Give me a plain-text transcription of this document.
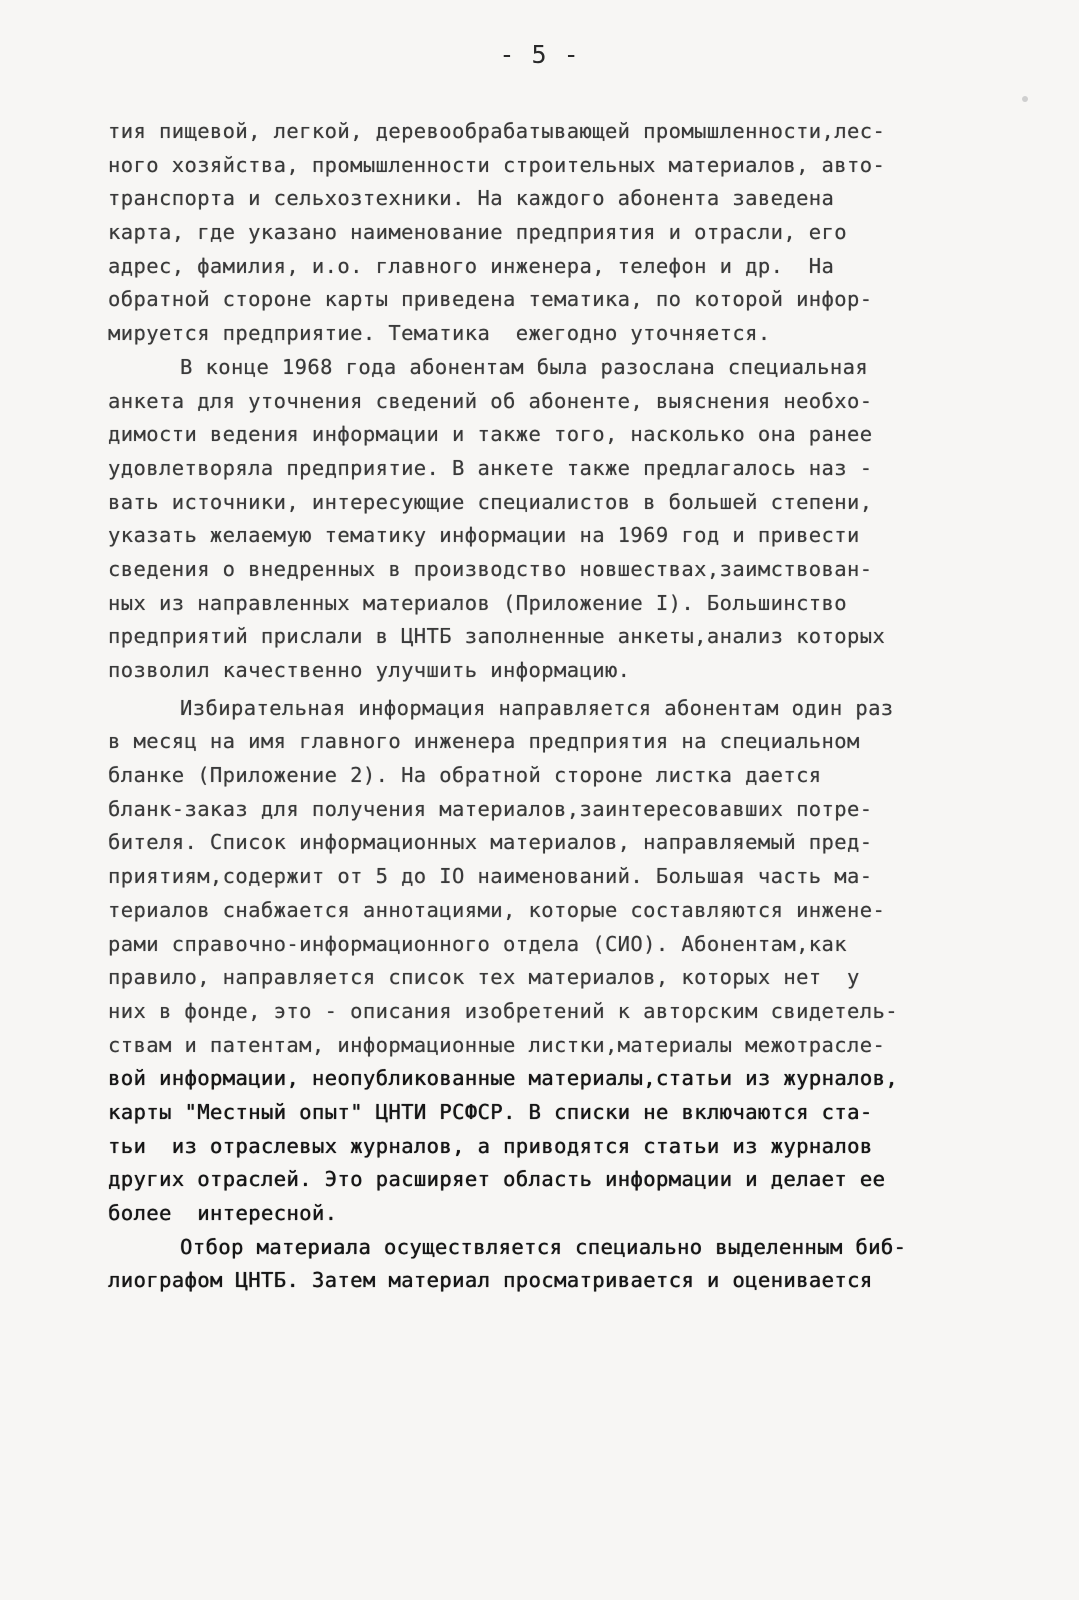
- 5 -
тия пищевой, легкой, деревообрабатывающей промышленности,лес-
ного хозяйства, промышленности строительных материалов, авто-
транспорта и сельхозтехники. На каждого абонента заведена
карта, где указано наименование предприятия и отрасли, его
адрес, фамилия, и.о. главного инженера, телефон и др.  На
обратной стороне карты приведена тематика, по которой инфор-
мируется предприятие. Тематика  ежегодно уточняется.
В конце 1968 года абонентам была разослана специальная
анкета для уточнения сведений об абоненте, выяснения необхо-
димости ведения информации и также того, насколько она ранее
удовлетворяла предприятие. В анкете также предлагалось наз -
вать источники, интересующие специалистов в большей степени,
указать желаемую тематику информации на 1969 год и привести
сведения о внедренных в производство новшествах,заимствован-
ных из направленных материалов (Приложение I). Большинство
предприятий прислали в ЦНТБ заполненные анкеты,анализ которых
позволил качественно улучшить информацию.
Избирательная информация направляется абонентам один раз
в месяц на имя главного инженера предприятия на специальном
бланке (Приложение 2). На обратной стороне листка дается
бланк-заказ для получения материалов,заинтересовавших потре-
бителя. Список информационных материалов, направляемый пред-
приятиям,содержит от 5 до IO наименований. Большая часть ма-
териалов снабжается аннотациями, которые составляются инжене-
рами справочно-информационного отдела (СИО). Абонентам,как
правило, направляется список тех материалов, которых нет  у
них в фонде, это - описания изобретений к авторским свидетель-
ствам и патентам, информационные листки,материалы межотрасле-
вой информации, неопубликованные материалы,статьи из журналов,
карты "Местный опыт" ЦНТИ РСФСР. В списки не включаются ста-
тьи  из отраслевых журналов, а приводятся статьи из журналов
других отраслей. Это расширяет область информации и делает ее
более  интересной.
Отбор материала осуществляется специально выделенным биб-
лиографом ЦНТБ. Затем материал просматривается и оценивается
